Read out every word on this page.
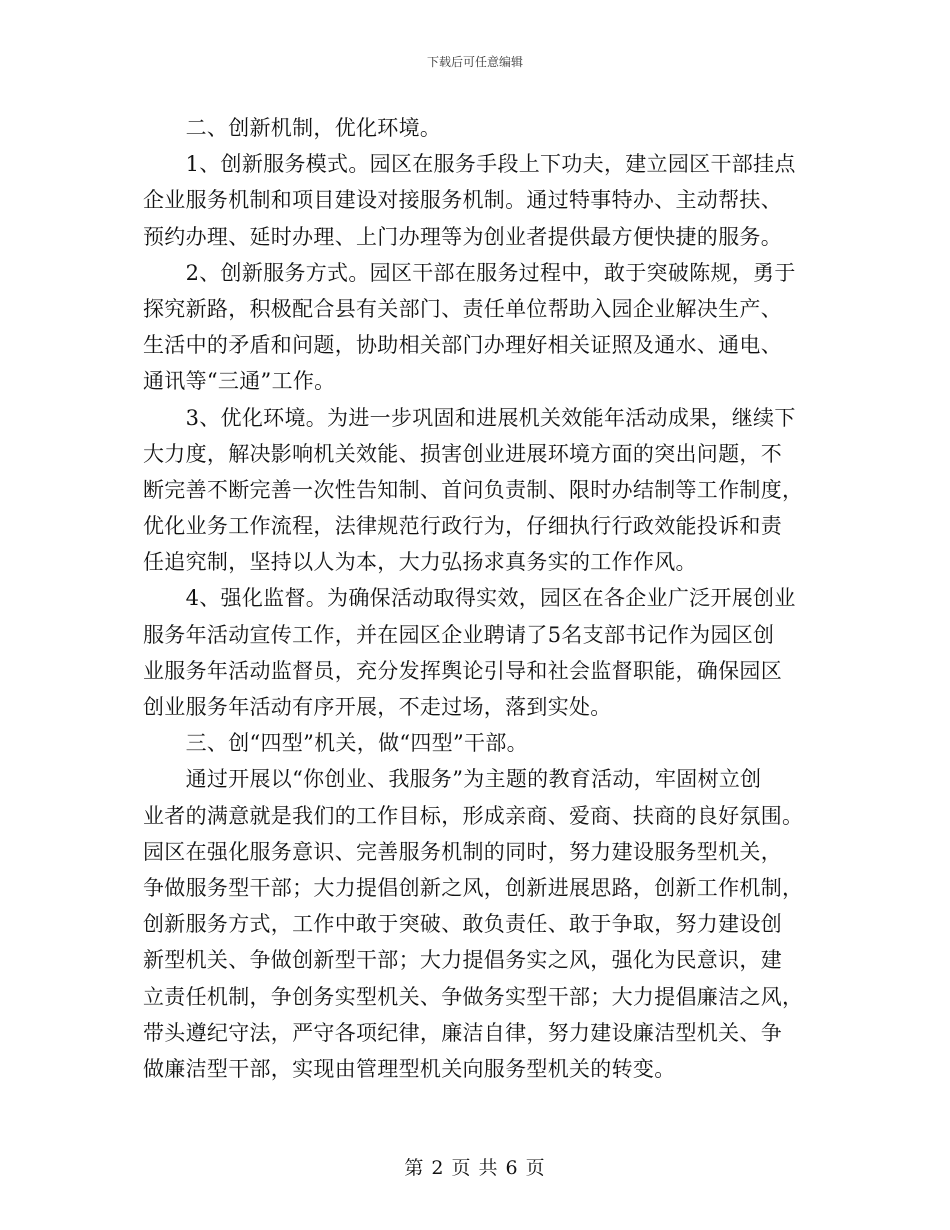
下载后可任意编辑
　　二、创新机制，优化环境。
　　1、创新服务模式。园区在服务手段上下功夫，建立园区干部挂点
企业服务机制和项目建设对接服务机制。通过特事特办、主动帮扶、
预约办理、延时办理、上门办理等为创业者提供最方便快捷的服务。
　　2、创新服务方式。园区干部在服务过程中，敢于突破陈规，勇于
探究新路，积极配合县有关部门、责任单位帮助入园企业解决生产、
生活中的矛盾和问题，协助相关部门办理好相关证照及通水、通电、
通讯等“三通”工作。
　　3、优化环境。为进一步巩固和进展机关效能年活动成果，继续下
大力度，解决影响机关效能、损害创业进展环境方面的突出问题，不
断完善不断完善一次性告知制、首问负责制、限时办结制等工作制度，
优化业务工作流程，法律规范行政行为，仔细执行行政效能投诉和责
任追究制，坚持以人为本，大力弘扬求真务实的工作作风。
　　4、强化监督。为确保活动取得实效，园区在各企业广泛开展创业
服务年活动宣传工作，并在园区企业聘请了5名支部书记作为园区创
业服务年活动监督员，充分发挥舆论引导和社会监督职能，确保园区
创业服务年活动有序开展，不走过场，落到实处。
　　三、创“四型”机关，做“四型”干部。
　　通过开展以“你创业、我服务”为主题的教育活动，牢固树立创
业者的满意就是我们的工作目标，形成亲商、爱商、扶商的良好氛围。
园区在强化服务意识、完善服务机制的同时，努力建设服务型机关，
争做服务型干部；大力提倡创新之风，创新进展思路，创新工作机制，
创新服务方式，工作中敢于突破、敢负责任、敢于争取，努力建设创
新型机关、争做创新型干部；大力提倡务实之风，强化为民意识，建
立责任机制，争创务实型机关、争做务实型干部；大力提倡廉洁之风，
带头遵纪守法，严守各项纪律，廉洁自律，努力建设廉洁型机关、争
做廉洁型干部，实现由管理型机关向服务型机关的转变。
第 2 页 共 6 页
